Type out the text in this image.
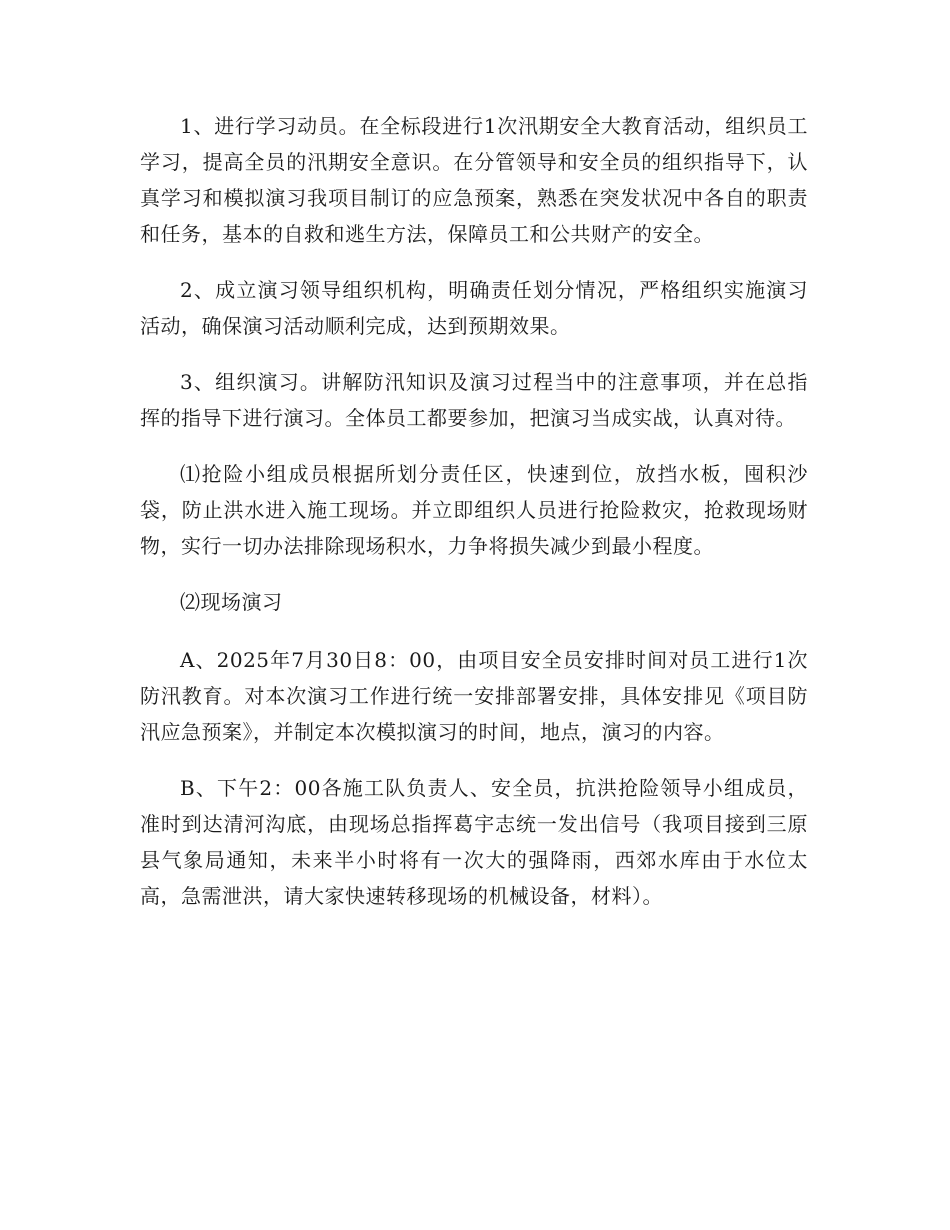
1、进行学习动员。在全标段进行1次汛期安全大教育活动，组织员工学习，提高全员的汛期安全意识。在分管领导和安全员的组织指导下，认真学习和模拟演习我项目制订的应急预案，熟悉在突发状况中各自的职责和任务，基本的自救和逃生方法，保障员工和公共财产的安全。

2、成立演习领导组织机构，明确责任划分情况，严格组织实施演习活动，确保演习活动顺利完成，达到预期效果。

3、组织演习。讲解防汛知识及演习过程当中的注意事项，并在总指挥的指导下进行演习。全体员工都要参加，把演习当成实战，认真对待。

⑴抢险小组成员根据所划分责任区，快速到位，放挡水板，囤积沙袋，防止洪水进入施工现场。并立即组织人员进行抢险救灾，抢救现场财物，实行一切办法排除现场积水，力争将损失减少到最小程度。

⑵现场演习

A、2025年7月30日8：00，由项目安全员安排时间对员工进行1次防汛教育。对本次演习工作进行统一安排部署安排，具体安排见《项目防汛应急预案》，并制定本次模拟演习的时间，地点，演习的内容。

B、下午2：00各施工队负责人、安全员，抗洪抢险领导小组成员，准时到达清河沟底，由现场总指挥葛宇志统一发出信号（我项目接到三原县气象局通知，未来半小时将有一次大的强降雨，西郊水库由于水位太高，急需泄洪，请大家快速转移现场的机械设备，材料）。
